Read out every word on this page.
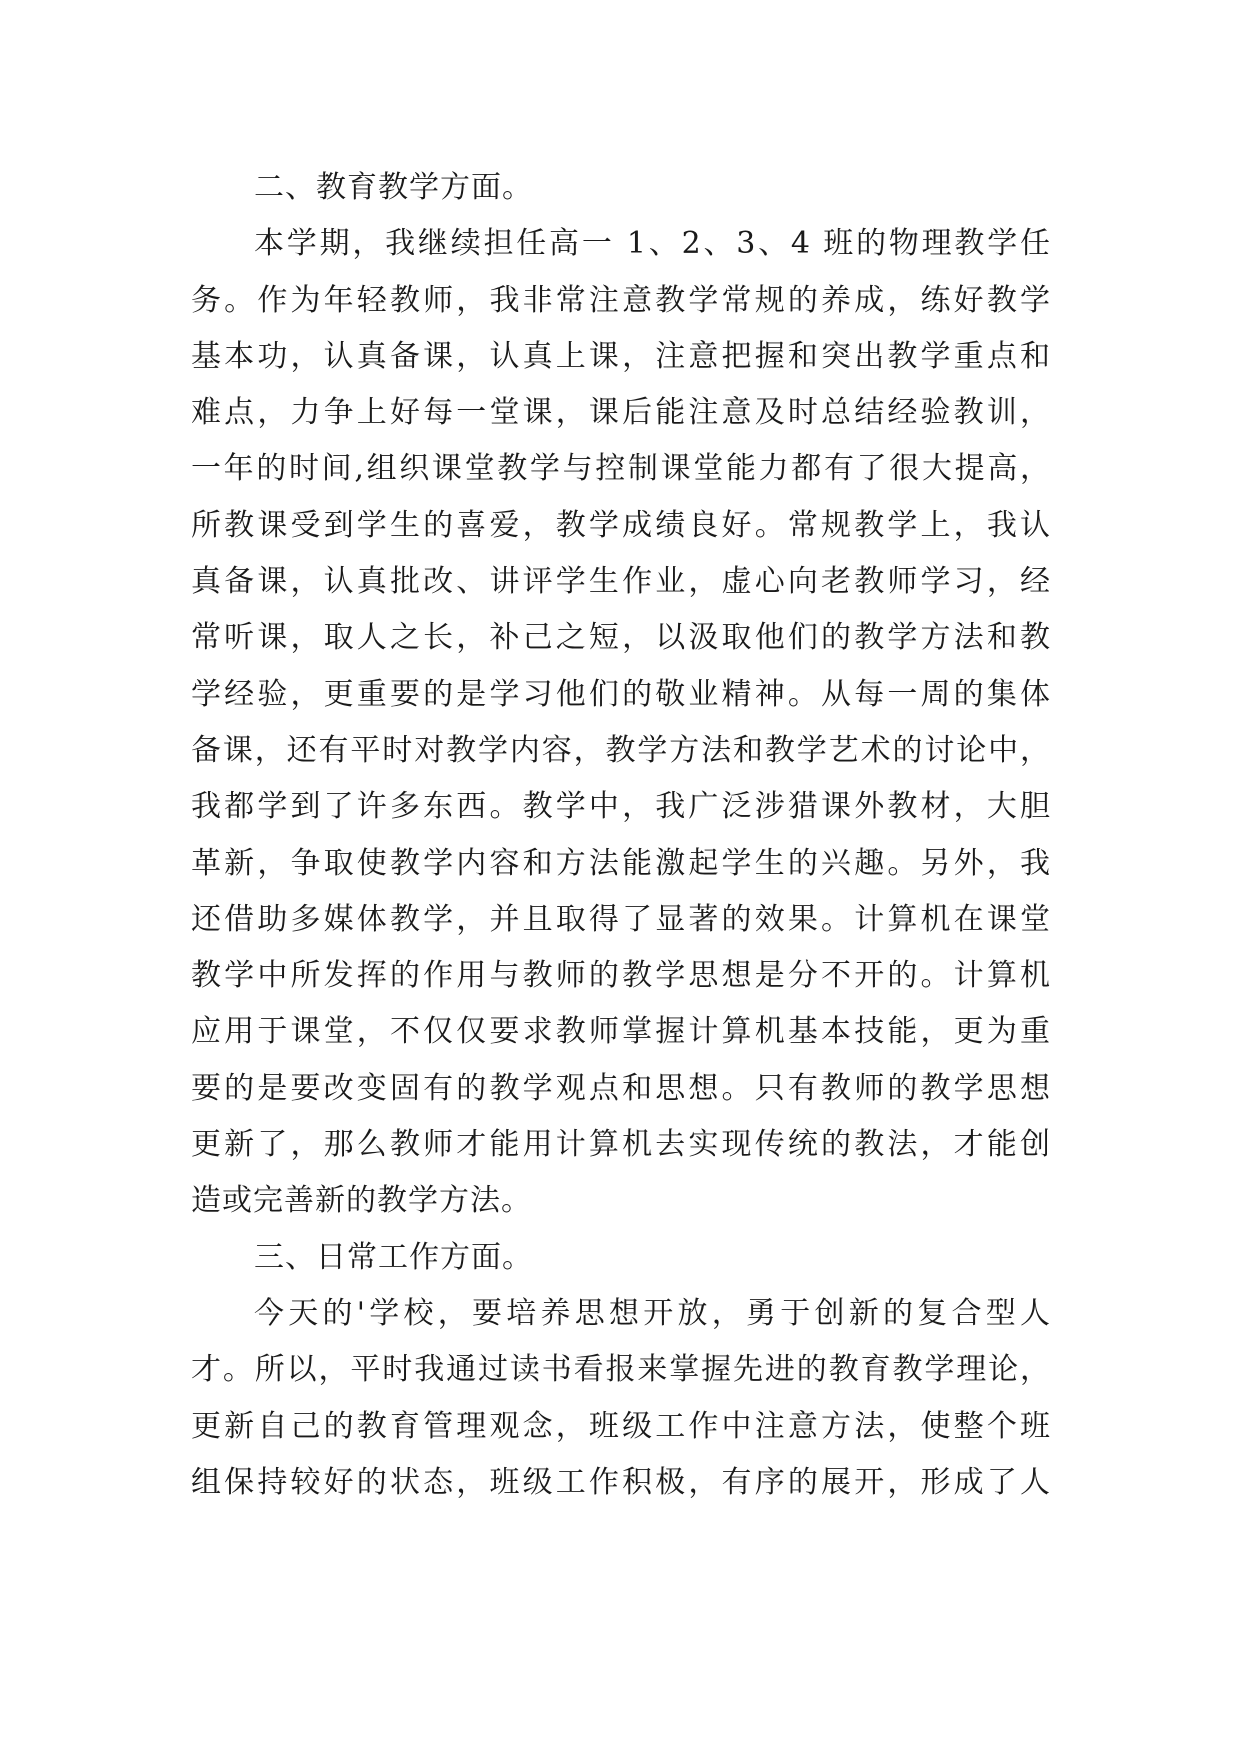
二、教育教学方面。
本学期，我继续担任高一 1、2、3、4 班的物理教学任
务。作为年轻教师，我非常注意教学常规的养成，练好教学
基本功，认真备课，认真上课，注意把握和突出教学重点和
难点，力争上好每一堂课，课后能注意及时总结经验教训，
一年的时间,组织课堂教学与控制课堂能力都有了很大提高，
所教课受到学生的喜爱，教学成绩良好。常规教学上，我认
真备课，认真批改、讲评学生作业，虚心向老教师学习，经
常听课，取人之长，补己之短，以汲取他们的教学方法和教
学经验，更重要的是学习他们的敬业精神。从每一周的集体
备课，还有平时对教学内容，教学方法和教学艺术的讨论中，
我都学到了许多东西。教学中，我广泛涉猎课外教材，大胆
革新，争取使教学内容和方法能激起学生的兴趣。另外，我
还借助多媒体教学，并且取得了显著的效果。计算机在课堂
教学中所发挥的作用与教师的教学思想是分不开的。计算机
应用于课堂，不仅仅要求教师掌握计算机基本技能，更为重
要的是要改变固有的教学观点和思想。只有教师的教学思想
更新了，那么教师才能用计算机去实现传统的教法，才能创
造或完善新的教学方法。
三、日常工作方面。
今天的'学校，要培养思想开放，勇于创新的复合型人
才。所以，平时我通过读书看报来掌握先进的教育教学理论，
更新自己的教育管理观念，班级工作中注意方法，使整个班
组保持较好的状态，班级工作积极，有序的展开，形成了人
